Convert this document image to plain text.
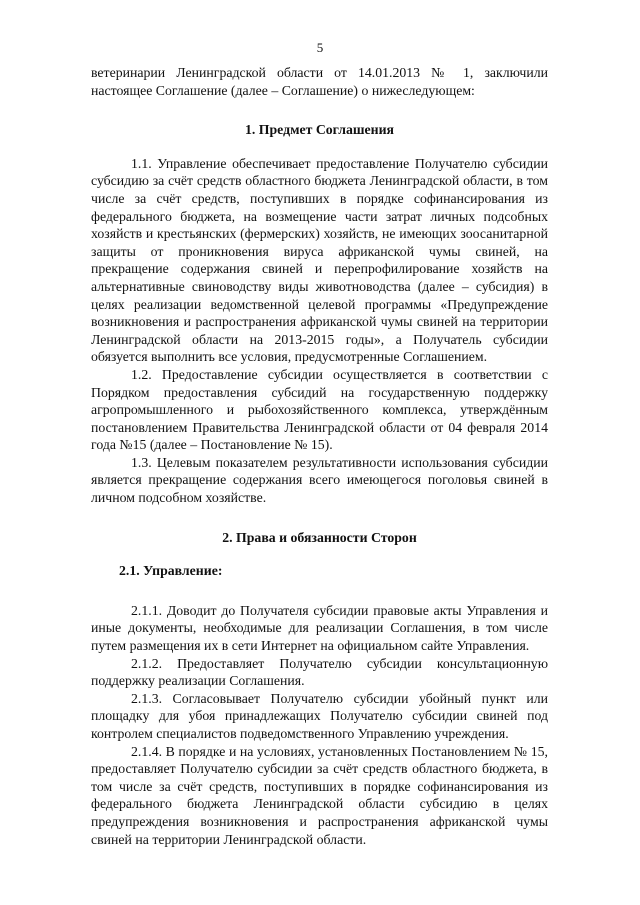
5

ветеринарии Ленинградской области от 14.01.2013 № 1, заключили настоящее Соглашение (далее – Соглашение) о нижеследующем:

1. Предмет Соглашения

1.1. Управление обеспечивает предоставление Получателю субсидии субсидию за счёт средств областного бюджета Ленинградской области, в том числе за счёт средств, поступивших в порядке софинансирования из федерального бюджета, на возмещение части затрат личных подсобных хозяйств и крестьянских (фермерских) хозяйств, не имеющих зоосанитарной защиты от проникновения вируса африканской чумы свиней, на прекращение содержания свиней и перепрофилирование хозяйств на альтернативные свиноводству виды животноводства (далее – субсидия) в целях реализации ведомственной целевой программы «Предупреждение возникновения и распространения африканской чумы свиней на территории Ленинградской области на 2013-2015 годы», а Получатель субсидии обязуется выполнить все условия, предусмотренные Соглашением.

1.2. Предоставление субсидии осуществляется в соответствии с Порядком предоставления субсидий на государственную поддержку агропромышленного и рыбохозяйственного комплекса, утверждённым постановлением Правительства Ленинградской области от 04 февраля 2014 года №15 (далее – Постановление № 15).

1.3. Целевым показателем результативности использования субсидии является прекращение содержания всего имеющегося поголовья свиней в личном подсобном хозяйстве.

2. Права и обязанности Сторон

2.1. Управление:

2.1.1. Доводит до Получателя субсидии правовые акты Управления и иные документы, необходимые для реализации Соглашения, в том числе путем размещения их в сети Интернет на официальном сайте Управления.

2.1.2. Предоставляет Получателю субсидии консультационную поддержку реализации Соглашения.

2.1.3. Согласовывает Получателю субсидии убойный пункт или площадку для убоя принадлежащих Получателю субсидии свиней под контролем специалистов подведомственного Управлению учреждения.

2.1.4. В порядке и на условиях, установленных Постановлением № 15, предоставляет Получателю субсидии за счёт средств областного бюджета, в том числе за счёт средств, поступивших в порядке софинансирования из федерального бюджета Ленинградской области субсидию в целях предупреждения возникновения и распространения африканской чумы свиней на территории Ленинградской области.
